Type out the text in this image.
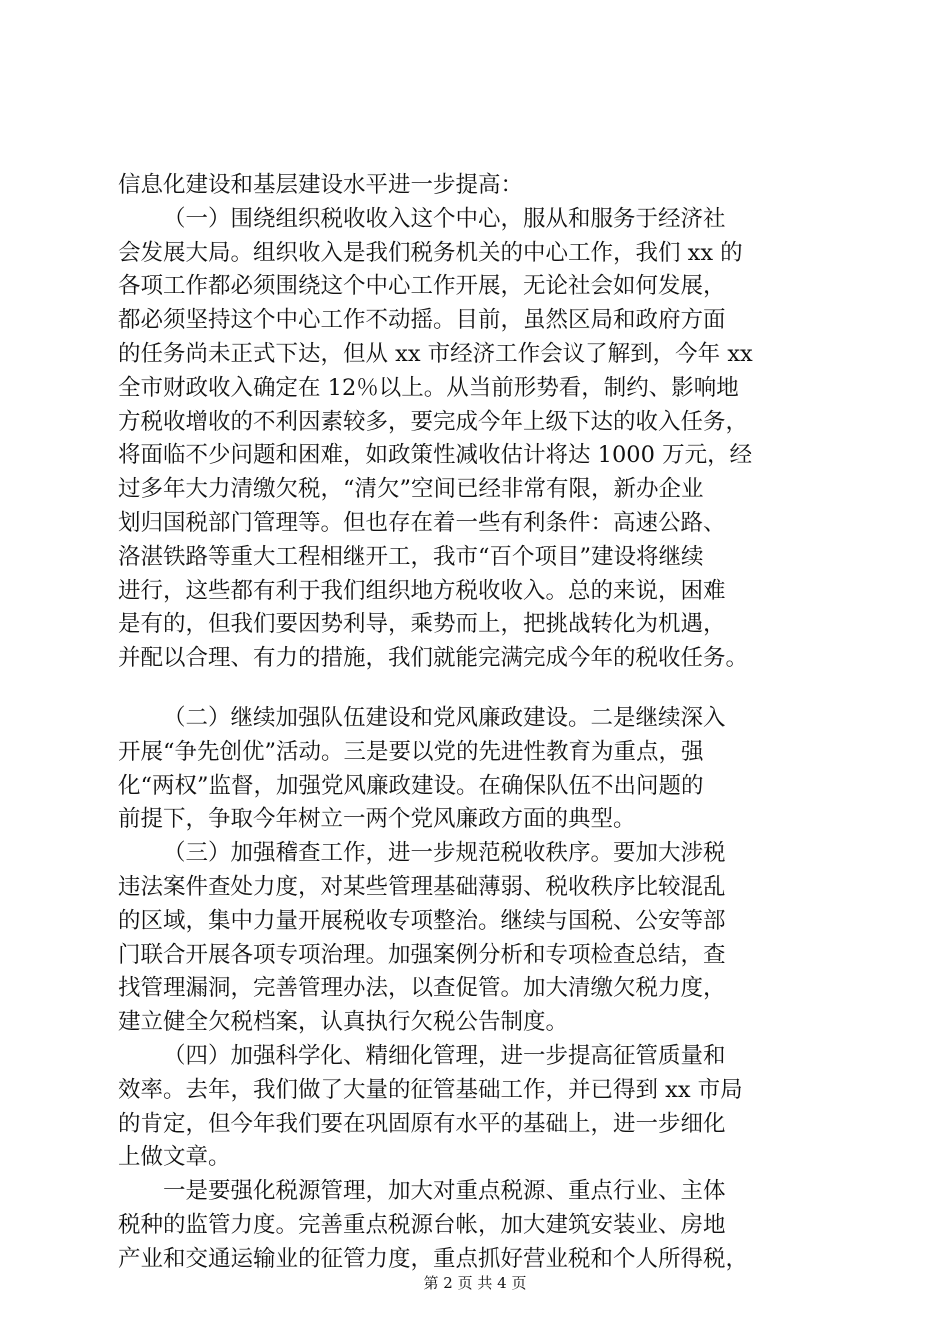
信息化建设和基层建设水平进一步提高：
（一）围绕组织税收收入这个中心，服从和服务于经济社
会发展大局。组织收入是我们税务机关的中心工作，我们 xx 的
各项工作都必须围绕这个中心工作开展，无论社会如何发展，
都必须坚持这个中心工作不动摇。目前，虽然区局和政府方面
的任务尚未正式下达，但从 xx 市经济工作会议了解到，今年 xx
全市财政收入确定在 12％以上。从当前形势看，制约、影响地
方税收增收的不利因素较多，要完成今年上级下达的收入任务，
将面临不少问题和困难，如政策性减收估计将达 1000 万元，经
过多年大力清缴欠税，“清欠”空间已经非常有限，新办企业
划归国税部门管理等。但也存在着一些有利条件：高速公路、
洛湛铁路等重大工程相继开工，我市“百个项目”建设将继续
进行，这些都有利于我们组织地方税收收入。总的来说，困难
是有的，但我们要因势利导，乘势而上，把挑战转化为机遇，
并配以合理、有力的措施，我们就能完满完成今年的税收任务。
（二）继续加强队伍建设和党风廉政建设。二是继续深入
开展“争先创优”活动。三是要以党的先进性教育为重点，强
化“两权”监督，加强党风廉政建设。在确保队伍不出问题的
前提下，争取今年树立一两个党风廉政方面的典型。
（三）加强稽查工作，进一步规范税收秩序。要加大涉税
违法案件查处力度，对某些管理基础薄弱、税收秩序比较混乱
的区域，集中力量开展税收专项整治。继续与国税、公安等部
门联合开展各项专项治理。加强案例分析和专项检查总结，查
找管理漏洞，完善管理办法，以查促管。加大清缴欠税力度，
建立健全欠税档案，认真执行欠税公告制度。
（四）加强科学化、精细化管理，进一步提高征管质量和
效率。去年，我们做了大量的征管基础工作，并已得到 xx 市局
的肯定，但今年我们要在巩固原有水平的基础上，进一步细化
上做文章。
一是要强化税源管理，加大对重点税源、重点行业、主体
税种的监管力度。完善重点税源台帐，加大建筑安装业、房地
产业和交通运输业的征管力度，重点抓好营业税和个人所得税，
第 2 页 共 4 页
